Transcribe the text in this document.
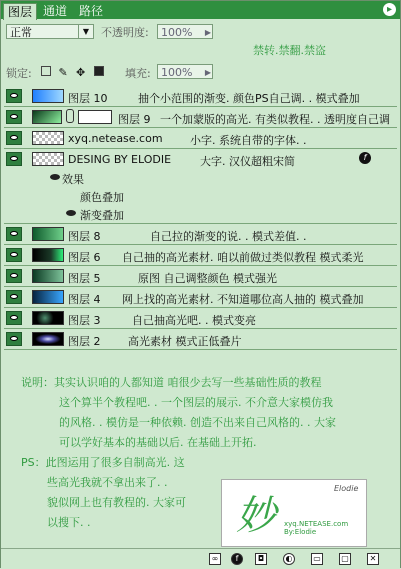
图层 通道 路径	▸
正常	▼	不透明度:	100% ▶
禁转.禁翻.禁盗
锁定:	✎ ✥	填充: 100% ▶
图层 10	抽个小范围的渐变. 颜色PS自己调. . 模式叠加
图层 9 一个加蒙版的高光. 有类似教程. . 透明度自己调
xyq.netease.com 小字. 系统自带的字体. .
DESING BY ELODIE	大字. 汉仪超粗宋简	f
效果
颜色叠加
渐变叠加
图层 8	自己拉的渐变的说. . 模式差值. .
图层 6 自己抽的高光素材. 咱以前做过类似教程 模式柔光
图层 5	原图 自己调整颜色 模式强光
图层 4 网上找的高光素材. 不知道哪位高人抽的 模式叠加
图层 3	自己抽高光吧. . 模式变亮
图层 2	高光素材 模式正低叠片
说明：其实认识咱的人都知道 咱很少去写一些基础性质的教程
这个算半个教程吧. . 一个图层的展示. 不介意大家模仿我
的风格. . 模仿是一种依赖. 创造不出来自己风格的. . 大家
可以学好基本的基础以后. 在基础上开拓.
PS：此图运用了很多自制高光. 这
些高光我就不拿出来了. .
貌似网上也有教程的. 大家可
以搜下. .	妙
Elodie
xyq.NETEASE.com By:Elodie
∞	f	◘	◐	▭	▢	✕
